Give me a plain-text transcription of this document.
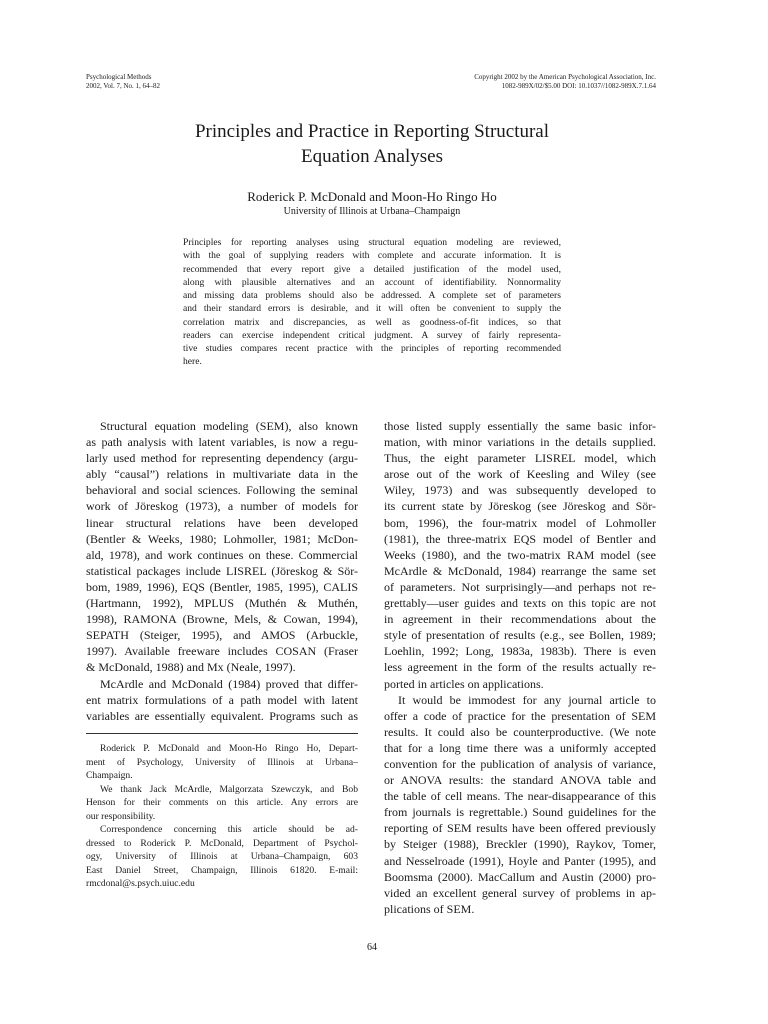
Psychological Methods
2002, Vol. 7, No. 1, 64–82
Copyright 2002 by the American Psychological Association, Inc.
1082-989X/02/$5.00 DOI: 10.1037//1082-989X.7.1.64
Principles and Practice in Reporting Structural
Equation Analyses
Roderick P. McDonald and Moon-Ho Ringo Ho
University of Illinois at Urbana–Champaign
Principles for reporting analyses using structural equation modeling are reviewed,
with the goal of supplying readers with complete and accurate information. It is
recommended that every report give a detailed justification of the model used,
along with plausible alternatives and an account of identifiability. Nonnormality
and missing data problems should also be addressed. A complete set of parameters
and their standard errors is desirable, and it will often be convenient to supply the
correlation matrix and discrepancies, as well as goodness-of-fit indices, so that
readers can exercise independent critical judgment. A survey of fairly representa-
tive studies compares recent practice with the principles of reporting recommended
here.
Structural equation modeling (SEM), also known
as path analysis with latent variables, is now a regu-
larly used method for representing dependency (argu-
ably “causal”) relations in multivariate data in the
behavioral and social sciences. Following the seminal
work of Jöreskog (1973), a number of models for
linear structural relations have been developed
(Bentler & Weeks, 1980; Lohmoller, 1981; McDon-
ald, 1978), and work continues on these. Commercial
statistical packages include LISREL (Jöreskog & Sör-
bom, 1989, 1996), EQS (Bentler, 1985, 1995), CALIS
(Hartmann, 1992), MPLUS (Muthén & Muthén,
1998), RAMONA (Browne, Mels, & Cowan, 1994),
SEPATH (Steiger, 1995), and AMOS (Arbuckle,
1997). Available freeware includes COSAN (Fraser
& McDonald, 1988) and Mx (Neale, 1997).
McArdle and McDonald (1984) proved that differ-
ent matrix formulations of a path model with latent
variables are essentially equivalent. Programs such as
Roderick P. McDonald and Moon-Ho Ringo Ho, Depart-
ment of Psychology, University of Illinois at Urbana–
Champaign.
We thank Jack McArdle, Malgorzata Szewczyk, and Bob
Henson for their comments on this article. Any errors are
our responsibility.
Correspondence concerning this article should be ad-
dressed to Roderick P. McDonald, Department of Psychol-
ogy, University of Illinois at Urbana–Champaign, 603
East Daniel Street, Champaign, Illinois 61820. E-mail:
rmcdonal@s.psych.uiuc.edu
those listed supply essentially the same basic infor-
mation, with minor variations in the details supplied.
Thus, the eight parameter LISREL model, which
arose out of the work of Keesling and Wiley (see
Wiley, 1973) and was subsequently developed to
its current state by Jöreskog (see Jöreskog and Sör-
bom, 1996), the four-matrix model of Lohmoller
(1981), the three-matrix EQS model of Bentler and
Weeks (1980), and the two-matrix RAM model (see
McArdle & McDonald, 1984) rearrange the same set
of parameters. Not surprisingly—and perhaps not re-
grettably—user guides and texts on this topic are not
in agreement in their recommendations about the
style of presentation of results (e.g., see Bollen, 1989;
Loehlin, 1992; Long, 1983a, 1983b). There is even
less agreement in the form of the results actually re-
ported in articles on applications.
It would be immodest for any journal article to
offer a code of practice for the presentation of SEM
results. It could also be counterproductive. (We note
that for a long time there was a uniformly accepted
convention for the publication of analysis of variance,
or ANOVA results: the standard ANOVA table and
the table of cell means. The near-disappearance of this
from journals is regrettable.) Sound guidelines for the
reporting of SEM results have been offered previously
by Steiger (1988), Breckler (1990), Raykov, Tomer,
and Nesselroade (1991), Hoyle and Panter (1995), and
Boomsma (2000). MacCallum and Austin (2000) pro-
vided an excellent general survey of problems in ap-
plications of SEM.
64
